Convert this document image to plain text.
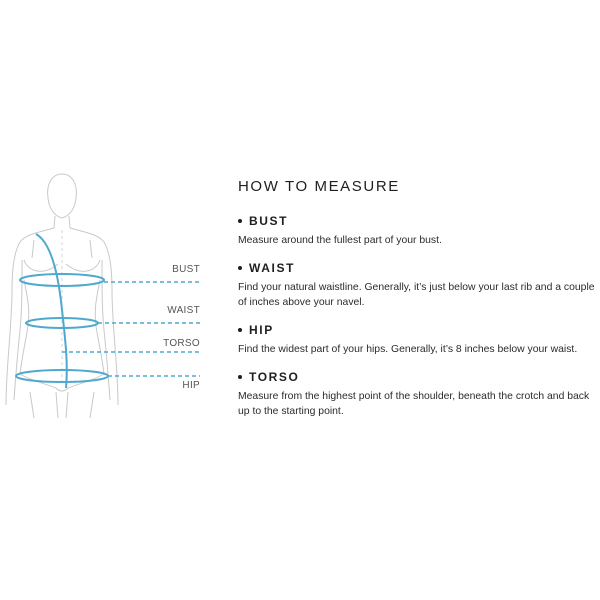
BUST
WAIST
TORSO
HIP
HOW TO MEASURE
BUST
Measure around the fullest part of your bust.
WAIST
Find your natural waistline. Generally, it’s just below your last rib and a couple of inches above your navel.
HIP
Find the widest part of your hips. Generally, it’s 8 inches below your waist.
TORSO
Measure from the highest point of the shoulder, beneath the crotch and back up to the starting point.
